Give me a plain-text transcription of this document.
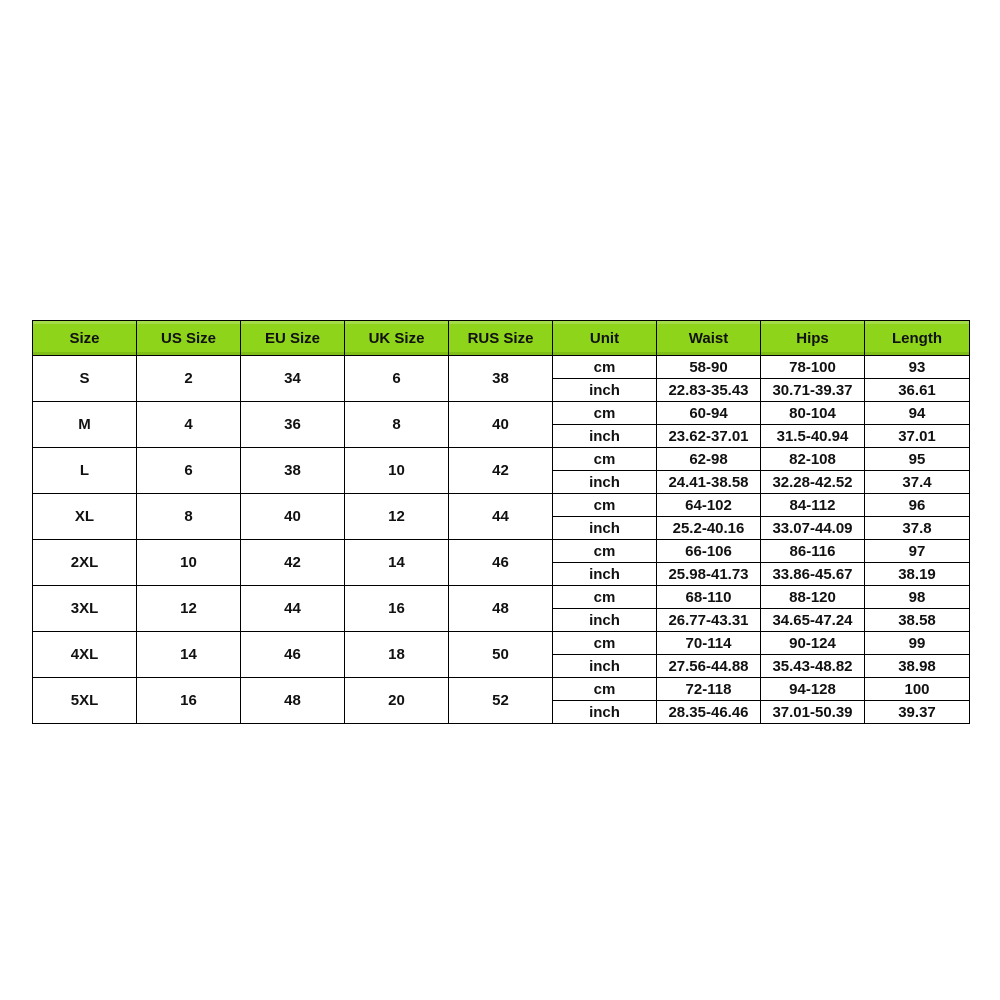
Size	US Size	EU Size	UK Size	RUS Size	Unit	Waist	Hips	Length
S	2	34	6	38	cm	58-90	78-100	93
					inch	22.83-35.43	30.71-39.37	36.61
M	4	36	8	40	cm	60-94	80-104	94
					inch	23.62-37.01	31.5-40.94	37.01
L	6	38	10	42	cm	62-98	82-108	95
					inch	24.41-38.58	32.28-42.52	37.4
XL	8	40	12	44	cm	64-102	84-112	96
					inch	25.2-40.16	33.07-44.09	37.8
2XL	10	42	14	46	cm	66-106	86-116	97
					inch	25.98-41.73	33.86-45.67	38.19
3XL	12	44	16	48	cm	68-110	88-120	98
					inch	26.77-43.31	34.65-47.24	38.58
4XL	14	46	18	50	cm	70-114	90-124	99
					inch	27.56-44.88	35.43-48.82	38.98
5XL	16	48	20	52	cm	72-118	94-128	100
					inch	28.35-46.46	37.01-50.39	39.37
